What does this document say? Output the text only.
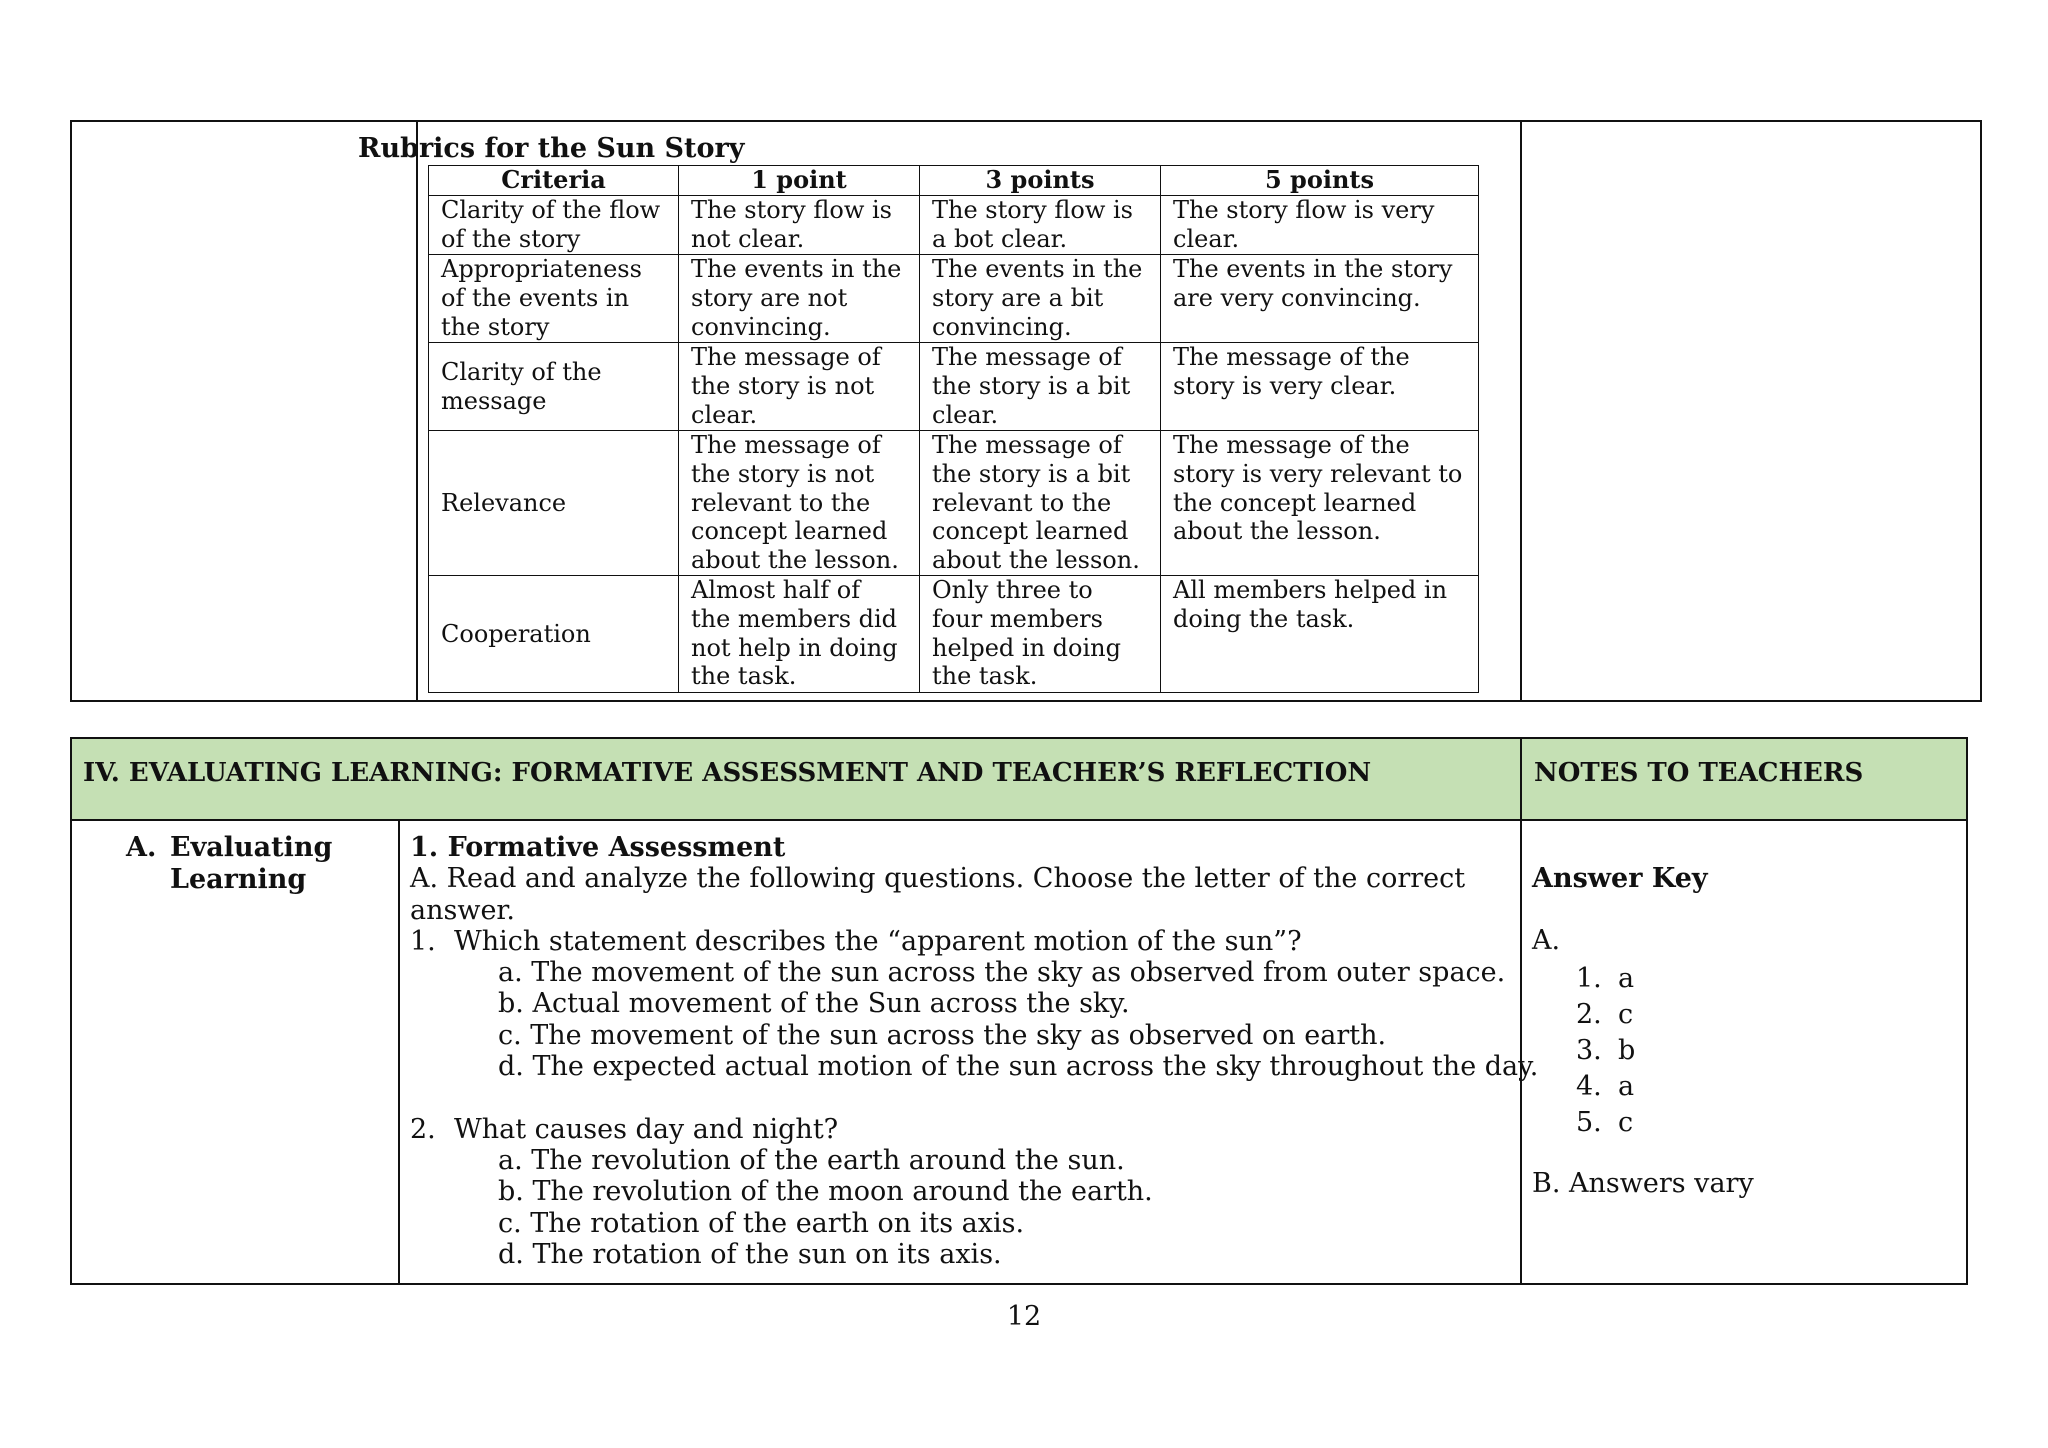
Rubrics for the Sun Story
Criteria	1 point	3 points	5 points
Clarity of the flow of the story	The story flow is not clear.	The story flow is a bot clear.	The story flow is very clear.
Appropriateness of the events in the story	The events in the story are not convincing.	The events in the story are a bit convincing.	The events in the story are very convincing.
Clarity of the message	The message of the story is not clear.	The message of the story is a bit clear.	The message of the story is very clear.
Relevance	The message of the story is not relevant to the concept learned about the lesson.	The message of the story is a bit relevant to the concept learned about the lesson.	The message of the story is very relevant to the concept learned about the lesson.
Cooperation	Almost half of the members did not help in doing the task.	Only three to four members helped in doing the task.	All members helped in doing the task.
IV. EVALUATING LEARNING: FORMATIVE ASSESSMENT AND TEACHER’S REFLECTION	NOTES TO TEACHERS
A. Evaluating
Learning
1. Formative Assessment
A. Read and analyze the following questions. Choose the letter of the correct answer.
1. Which statement describes the “apparent motion of the sun”?
a. The movement of the sun across the sky as observed from outer space.
b. Actual movement of the Sun across the sky.
c. The movement of the sun across the sky as observed on earth.
d. The expected actual motion of the sun across the sky throughout the day.
2. What causes day and night?
a. The revolution of the earth around the sun.
b. The revolution of the moon around the earth.
c. The rotation of the earth on its axis.
d. The rotation of the sun on its axis.
Answer Key
A.
1. a
2. c
3. b
4. a
5. c
B. Answers vary
12
